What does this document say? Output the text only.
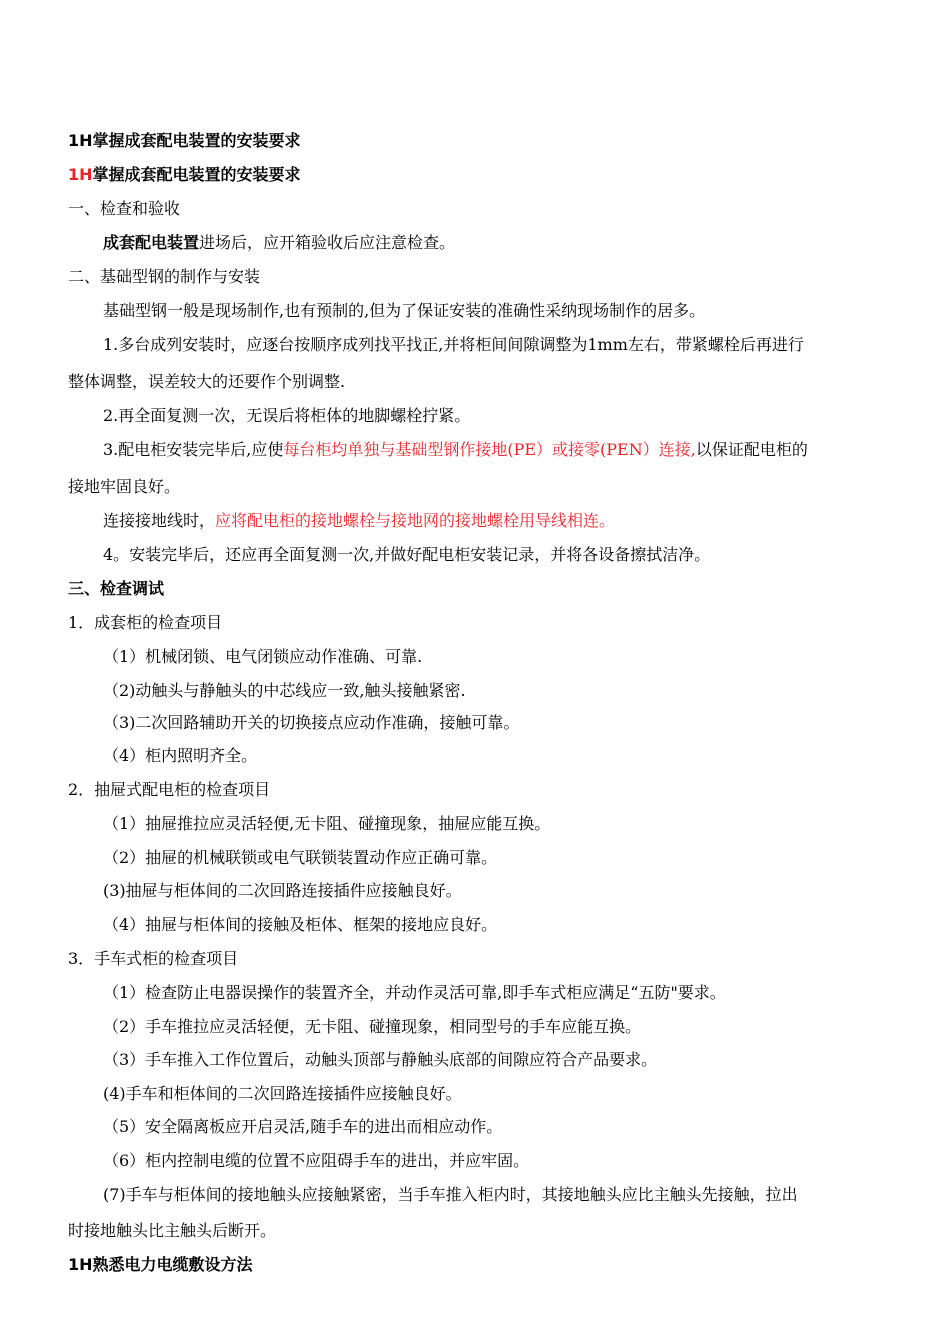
1H掌握成套配电装置的安装要求
1H掌握成套配电装置的安装要求
一、检查和验收
成套配电装置进场后，应开箱验收后应注意检查。
二、基础型钢的制作与安装
基础型钢一般是现场制作,也有预制的,但为了保证安装的准确性采纳现场制作的居多。
1.多台成列安装时，应逐台按顺序成列找平找正,并将柜间间隙调整为1mm左右，带紧螺栓后再进行
整体调整，误差较大的还要作个别调整.
2.再全面复测一次，无误后将柜体的地脚螺栓拧紧。
3.配电柜安装完毕后,应使每台柜均单独与基础型钢作接地(PE）或接零(PEN）连接,以保证配电柜的
接地牢固良好。
连接接地线时，应将配电柜的接地螺栓与接地网的接地螺栓用导线相连。
4。安装完毕后，还应再全面复测一次,并做好配电柜安装记录，并将各设备擦拭洁净。
三、检查调试
1．成套柜的检查项目
（1）机械闭锁、电气闭锁应动作准确、可靠.
（2)动触头与静触头的中芯线应一致,触头接触紧密.
（3)二次回路辅助开关的切换接点应动作准确，接触可靠。
（4）柜内照明齐全。
2．抽屉式配电柜的检查项目
（1）抽屉推拉应灵活轻便,无卡阻、碰撞现象，抽屉应能互换。
（2）抽屉的机械联锁或电气联锁装置动作应正确可靠。
(3)抽屉与柜体间的二次回路连接插件应接触良好。
（4）抽屉与柜体间的接触及柜体、框架的接地应良好。
3．手车式柜的检查项目
（1）检查防止电器误操作的装置齐全，并动作灵活可靠,即手车式柜应满足“五防"要求。
（2）手车推拉应灵活轻便，无卡阻、碰撞现象，相同型号的手车应能互换。
（3）手车推入工作位置后，动触头顶部与静触头底部的间隙应符合产品要求。
(4)手车和柜体间的二次回路连接插件应接触良好。
（5）安全隔离板应开启灵活,随手车的进出而相应动作。
（6）柜内控制电缆的位置不应阻碍手车的进出，并应牢固。
(7)手车与柜体间的接地触头应接触紧密，当手车推入柜内时，其接地触头应比主触头先接触，拉出
时接地触头比主触头后断开。
1H熟悉电力电缆敷设方法
